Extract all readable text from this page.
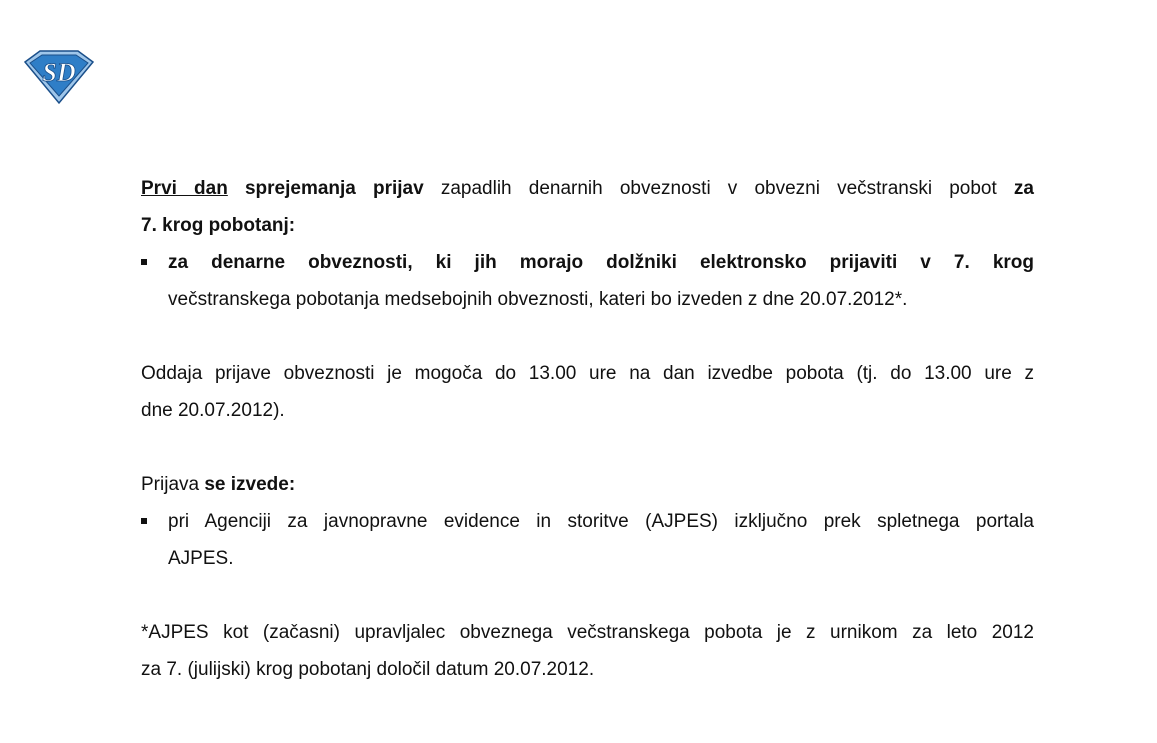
SD
Prvi dan sprejemanja prijav zapadlih denarnih obveznosti v obvezni večstranski pobot za
7. krog pobotanj:
za denarne obveznosti, ki jih morajo dolžniki elektronsko prijaviti v 7. krog
večstranskega pobotanja medsebojnih obveznosti, kateri bo izveden z dne 20.07.2012*.
Oddaja prijave obveznosti je mogoča do 13.00 ure na dan izvedbe pobota (tj. do 13.00 ure z
dne 20.07.2012).
Prijava se izvede:
pri Agenciji za javnopravne evidence in storitve (AJPES) izključno prek spletnega portala
AJPES.
*AJPES kot (začasni) upravljalec obveznega večstranskega pobota je z urnikom za leto 2012
za 7. (julijski) krog pobotanj določil datum 20.07.2012.
